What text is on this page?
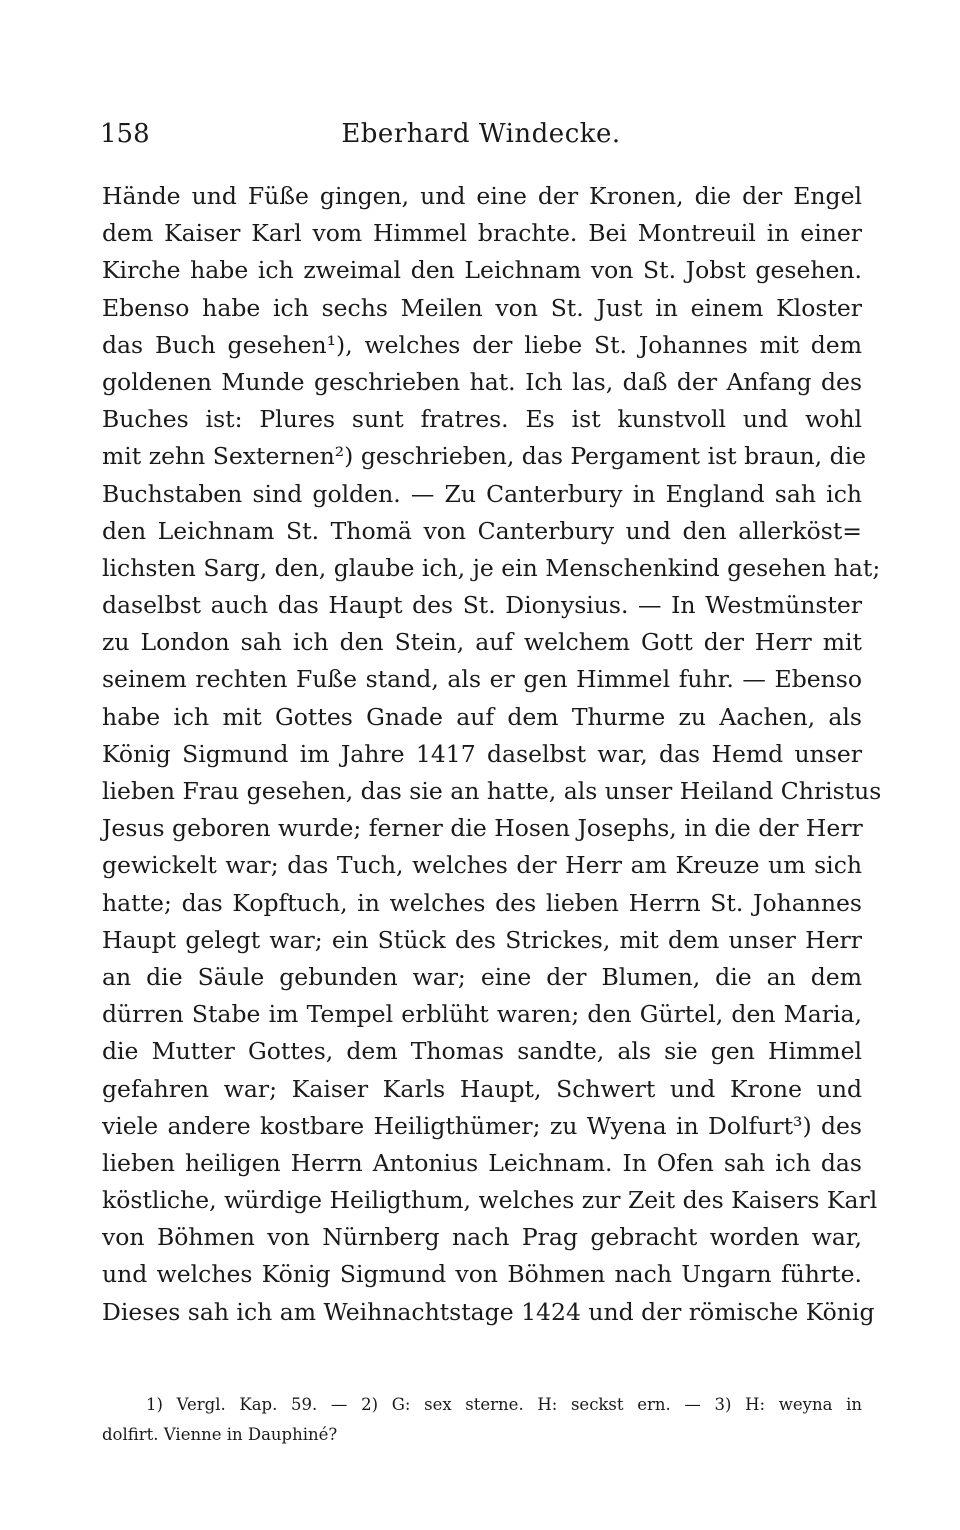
158	Eberhard Windecke.
Hände und Füße gingen, und eine der Kronen, die der Engel
dem Kaiser Karl vom Himmel brachte. Bei Montreuil in einer
Kirche habe ich zweimal den Leichnam von St. Jobst gesehen.
Ebenso habe ich sechs Meilen von St. Just in einem Kloster
das Buch gesehen¹), welches der liebe St. Johannes mit dem
goldenen Munde geschrieben hat. Ich las, daß der Anfang des
Buches ist: Plures sunt fratres. Es ist kunstvoll und wohl
mit zehn Sexternen²) geschrieben, das Pergament ist braun, die
Buchstaben sind golden. — Zu Canterbury in England sah ich
den Leichnam St. Thomä von Canterbury und den allerköst=
lichsten Sarg, den, glaube ich, je ein Menschenkind gesehen hat;
daselbst auch das Haupt des St. Dionysius. — In Westmünster
zu London sah ich den Stein, auf welchem Gott der Herr mit
seinem rechten Fuße stand, als er gen Himmel fuhr. — Ebenso
habe ich mit Gottes Gnade auf dem Thurme zu Aachen, als
König Sigmund im Jahre 1417 daselbst war, das Hemd unser
lieben Frau gesehen, das sie an hatte, als unser Heiland Christus
Jesus geboren wurde; ferner die Hosen Josephs, in die der Herr
gewickelt war; das Tuch, welches der Herr am Kreuze um sich
hatte; das Kopftuch, in welches des lieben Herrn St. Johannes
Haupt gelegt war; ein Stück des Strickes, mit dem unser Herr
an die Säule gebunden war; eine der Blumen, die an dem
dürren Stabe im Tempel erblüht waren; den Gürtel, den Maria,
die Mutter Gottes, dem Thomas sandte, als sie gen Himmel
gefahren war; Kaiser Karls Haupt, Schwert und Krone und
viele andere kostbare Heiligthümer; zu Wyena in Dolfurt³) des
lieben heiligen Herrn Antonius Leichnam. In Ofen sah ich das
köstliche, würdige Heiligthum, welches zur Zeit des Kaisers Karl
von Böhmen von Nürnberg nach Prag gebracht worden war,
und welches König Sigmund von Böhmen nach Ungarn führte.
Dieses sah ich am Weihnachtstage 1424 und der römische König
1) Vergl. Kap. 59. — 2) G: sex sterne. H: seckst ern. — 3) H: weyna in
dolfirt. Vienne in Dauphiné?
